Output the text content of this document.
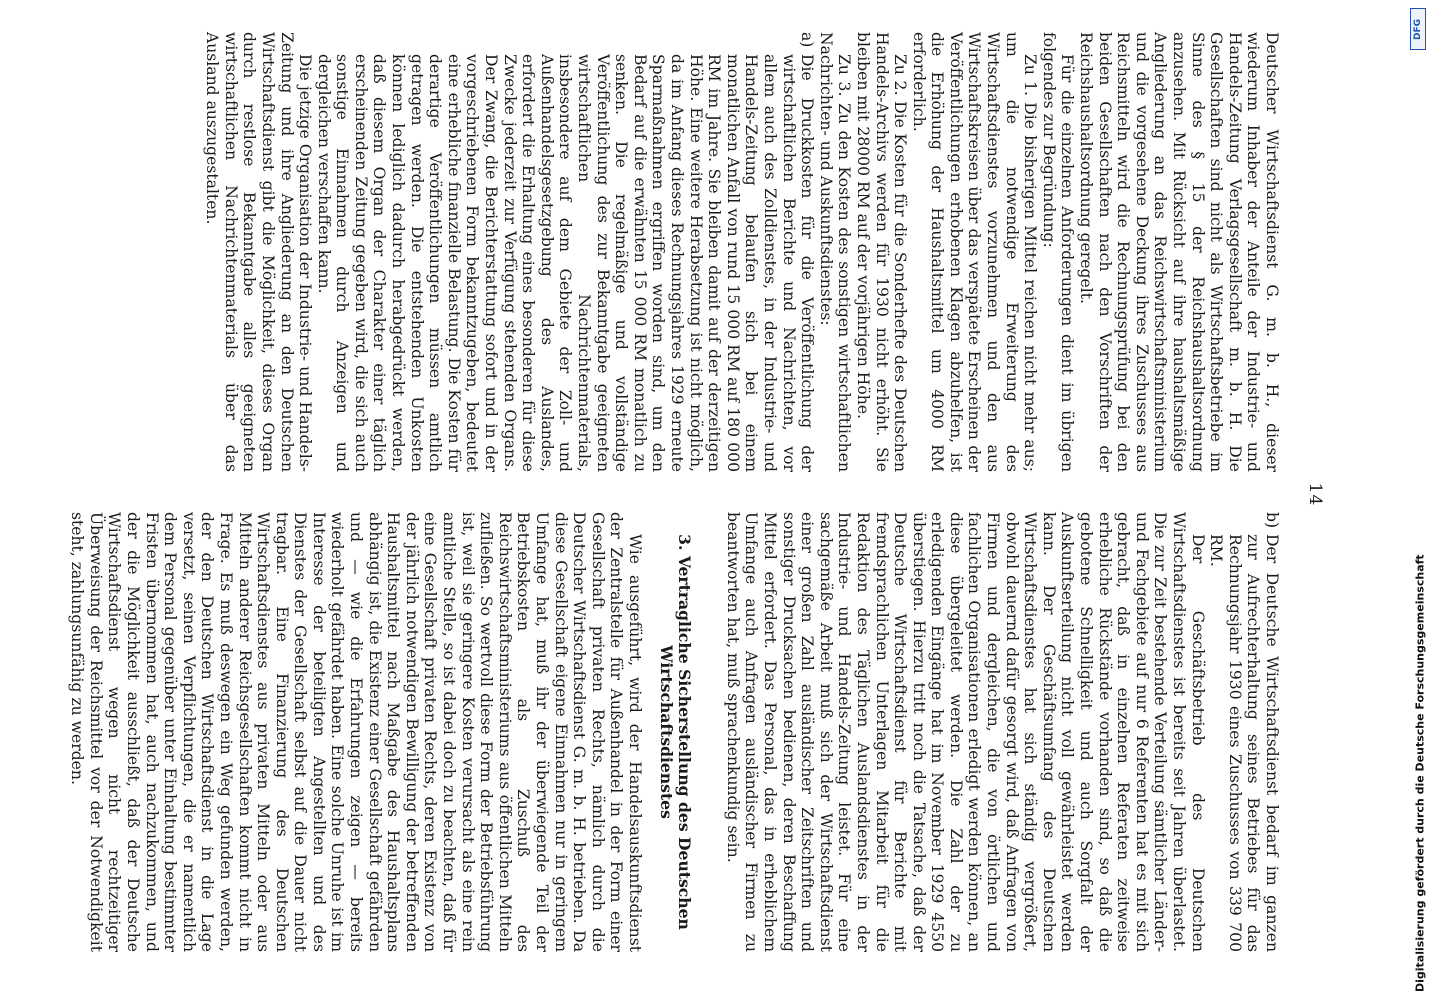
14

Deutscher Wirtschaftsdienst G. m. b. H., dieser wiederum Inhaber der Anteile der Industrie- und Handels-Zeitung Verlagsgesellschaft m. b. H. Die Gesellschaften sind nicht als Wirtschaftsbetriebe im Sinne des § 15 der Reichshaushaltsordnung anzusehen. Mit Rücksicht auf ihre haushaltsmäßige Angliederung an das Reichswirtschaftsministerium und die vorgesehene Deckung ihres Zuschusses aus Reichsmitteln wird die Rechnungsprüfung bei den beiden Gesellschaften nach den Vorschriften der Reichshaushaltsordnung geregelt.

Für die einzelnen Anforderungen dient im übrigen folgendes zur Begründung:

Zu 1. Die bisherigen Mittel reichen nicht mehr aus; um die notwendige Erweiterung des Wirtschaftsdienstes vorzunehmen und den aus Wirtschaftskreisen über das verspätete Erscheinen der Veröffentlichungen erhobenen Klagen abzuhelfen, ist die Erhöhung der Haushaltsmittel um 4000 RM erforderlich.

Zu 2. Die Kosten für die Sonderhefte des Deutschen Handels-Archivs werden für 1930 nicht erhöht. Sie bleiben mit 28000 RM auf der vorjährigen Höhe.

Zu 3. Zu den Kosten des sonstigen wirtschaftlichen Nachrichten- und Auskunftsdienstes:

a)
Die Druckkosten für die Veröffentlichung der wirtschaftlichen Berichte und Nachrichten, vor allem auch des Zolldienstes, in der Industrie- und Handels-Zeitung belaufen sich bei einem monatlichen Anfall von rund 15 000 RM auf 180 000 RM im Jahre. Sie bleiben damit auf der derzeitigen Höhe. Eine weitere Herabsetzung ist nicht möglich, da im Anfang dieses Rechnungsjahres 1929 erneute Sparmaßnahmen ergriffen worden sind, um den Bedarf auf die erwähnten 15 000 RM monatlich zu senken. Die regelmäßige und vollständige Veröffentlichung des zur Bekanntgabe geeigneten wirtschaftlichen Nachrichtenmaterials, insbesondere auf dem Gebiete der Zoll- und Außenhandelsgesetzgebung des Auslandes, erfordert die Erhaltung eines besonderen für diese Zwecke jederzeit zur Verfügung stehenden Organs. Der Zwang, die Berichterstattung sofort und in der vorgeschriebenen Form bekanntzugeben, bedeutet eine erhebliche finanzielle Belastung. Die Kosten für derartige Veröffentlichungen müssen amtlich getragen werden. Die entstehenden Unkosten können lediglich dadurch herabgedrückt werden, daß diesem Organ der Charakter einer täglich erscheinenden Zeitung gegeben wird, die sich auch sonstige Einnahmen durch Anzeigen und dergleichen verschaffen kann.

Die jetzige Organisation der Industrie- und Handels-Zeitung und ihre Angliederung an den Deutschen Wirtschaftsdienst gibt die Möglichkeit, dieses Organ durch restlose Bekanntgabe alles geeigneten wirtschaftlichen Nachrichtenmaterials über das Ausland auszugestalten.

b)
Der Deutsche Wirtschaftsdienst bedarf im ganzen zur Aufrechterhaltung seines Betriebes für das Rechnungsjahr 1930 eines Zuschusses von 339 700 RM.

Der Geschäftsbetrieb des Deutschen Wirtschaftsdienstes ist bereits seit Jahren überlastet. Die zur Zeit bestehende Verteilung sämtlicher Länder- und Fachgebiete auf nur 6 Referenten hat es mit sich gebracht, daß in einzelnen Referaten zeitweise erhebliche Rückstände vorhanden sind, so daß die gebotene Schnelligkeit und auch Sorgfalt der Auskunftserteilung nicht voll gewährleistet werden kann. Der Geschäftsumfang des Deutschen Wirtschaftsdienstes hat sich ständig vergrößert, obwohl dauernd dafür gesorgt wird, daß Anfragen von Firmen und dergleichen, die von örtlichen und fachlichen Organisationen erledigt werden können, an diese übergeleitet werden. Die Zahl der zu erledigenden Eingänge hat im November 1929 4550 überstiegen. Hierzu tritt noch die Tatsache, daß der Deutsche Wirtschaftsdienst für Berichte mit fremdsprachlichen Unterlagen Mitarbeit für die Redaktion des Täglichen Auslandsdienstes in der Industrie- und Handels-Zeitung leistet. Für eine sachgemäße Arbeit muß sich der Wirtschaftsdienst einer großen Zahl ausländischer Zeitschriften und sonstiger Drucksachen bedienen, deren Beschaffung Mittel erfordert. Das Personal, das in erheblichem Umfange auch Anfragen ausländischer Firmen zu beantworten hat, muß sprachenkundig sein.

3. Vertragliche Sicherstellung des Deutschen Wirtschaftsdienstes

Wie ausgeführt, wird der Handelsauskunftsdienst der Zentralstelle für Außenhandel in der Form einer Gesellschaft privaten Rechts, nämlich durch die Deutscher Wirtschaftsdienst G. m. b. H. betrieben. Da diese Gesellschaft eigene Einnahmen nur in geringem Umfange hat, muß ihr der überwiegende Teil der Betriebskosten als Zuschuß des Reichswirtschaftsministeriums aus öffentlichen Mitteln zufließen. So wertvoll diese Form der Betriebsführung ist, weil sie geringere Kosten verursacht als eine rein amtliche Stelle, so ist dabei doch zu beachten, daß für eine Gesellschaft privaten Rechts, deren Existenz von der jährlich notwendigen Bewilligung der betreffenden Haushaltsmittel nach Maßgabe des Haushaltsplans abhängig ist, die Existenz einer Gesellschaft gefährden und — wie die Erfahrungen zeigen — bereits wiederholt gefährdet haben. Eine solche Unruhe ist im Interesse der beteiligten Angestellten und des Dienstes der Gesellschaft selbst auf die Dauer nicht tragbar. Eine Finanzierung des Deutschen Wirtschaftsdienstes aus privaten Mitteln oder aus Mitteln anderer Reichsgesellschaften kommt nicht in Frage. Es muß deswegen ein Weg gefunden werden, der den Deutschen Wirtschaftsdienst in die Lage versetzt, seinen Verpflichtungen, die er namentlich dem Personal gegenüber unter Einhaltung bestimmter Fristen übernommen hat, auch nachzukommen, und der die Möglichkeit ausschließt, daß der Deutsche Wirtschaftsdienst wegen nicht rechtzeitiger Überweisung der Reichsmittel vor der Notwendigkeit steht, zahlungsunfähig zu werden.

DFG
Digitalisierung gefördert durch die Deutsche Forschungsgemeinschaft
